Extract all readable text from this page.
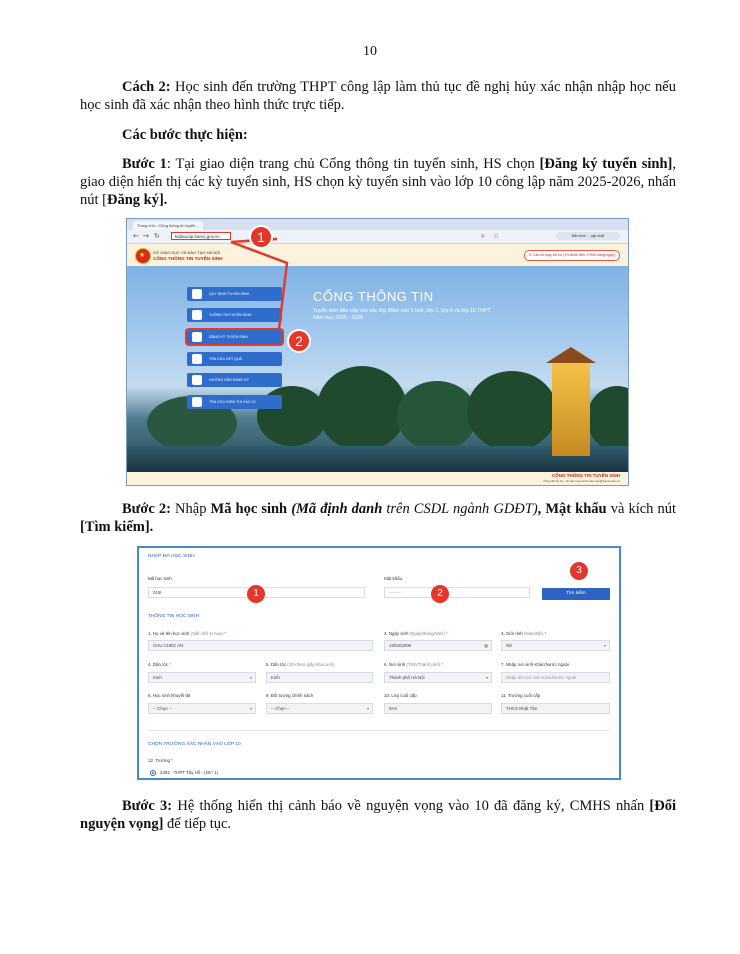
10
Cách 2: Học sinh đến trường THPT công lập làm thủ tục đề nghị hủy xác nhận nhập học nếu học sinh đã xác nhận theo hình thức trực tiếp.
Các bước thực hiện:
Bước 1: Tại giao diện trang chủ Cổng thông tin tuyển sinh, HS chọn [Đăng ký tuyển sinh], giao diện hiển thị các kỳ tuyển sinh, HS chọn kỳ tuyển sinh vào lớp 10 công lập năm 2025-2026, nhấn nút [Đăng ký].
Trang chủ - Cổng thông tin tuyển...
← → ↻	tsdaucap.hanoi.gov.vn	⌕ ☆	Bắt mình ... cập nhật
★ SỞ GIÁO DỤC VÀ ĐÀO TẠO HÀ NỘI
CỔNG THÔNG TIN TUYỂN SINH
✆ Các số máy hỗ trợ (Từ 8h00 đến 17h00 hàng ngày)
CỔNG THÔNG TIN
Tuyển sinh đầu cấp vào các lớp Mầm non 5 tuổi, lớp 1, lớp 6 và lớp 10 THPT
Năm học 2025 - 2026
QUY ĐỊNH TUYỂN SINH
THÔNG TIN TUYỂN SINH
ĐĂNG KÝ TUYỂN SINH
TRA CỨU KẾT QUẢ
HƯỚNG DẪN ĐĂNG KÝ
TRA CỨU ĐIỂM THI VÀO 10
CỔNG THÔNG TIN TUYỂN SINH
Tổng đài hỗ trợ - Email: tuyensinh.dau.cap@hanoi.edu.vn
1
2
Bước 2: Nhập Mã học sinh (Mã định danh trên CSDL ngành GDĐT), Mật khẩu và kích nút [Tìm kiếm].
NHẬP MÃ HỌC SINH
Mã học sinh
015l
Mật khẩu
········	Tìm kiếm
THÔNG TIN HỌC SINH
1. Họ và tên học sinh (Viết chữ in hoa) *
CHU CHÉC AN
2. Ngày sinh (Ngày/tháng/năm) *
18/03/2008	▦
3. Giới tính (Nam/Nữ) *
Nữ	▾
4. Dân tộc *
Kinh	▾
5. Dân tộc (Ghi theo giấy khai sinh)
Kinh
6. Nơi sinh (Tỉnh/Thành phố) *
Thành phố Hà Nội	▾
7. Nhập nơi sinh Khác/Nước ngoài
Nhập tên nơi sinh Khác/Nước ngoài
8. Học sinh khuyết tật
-- Chọn --	▾
9. Đối tượng chính sách
-- Chọn --	▾
10. Lớp cuối cấp
9A2
11. Trường cuối cấp
THCS Nhật Tân
CHỌN TRƯỜNG XÁC NHẬN VÀO LỚP 10
12. Trường *
2402 - THPT Tây Hồ - (NV: 1)
1	2
3
Bước 3: Hệ thống hiển thị cảnh báo về nguyện vọng vào 10 đã đăng ký, CMHS nhấn [Đổi nguyện vọng] để tiếp tục.
